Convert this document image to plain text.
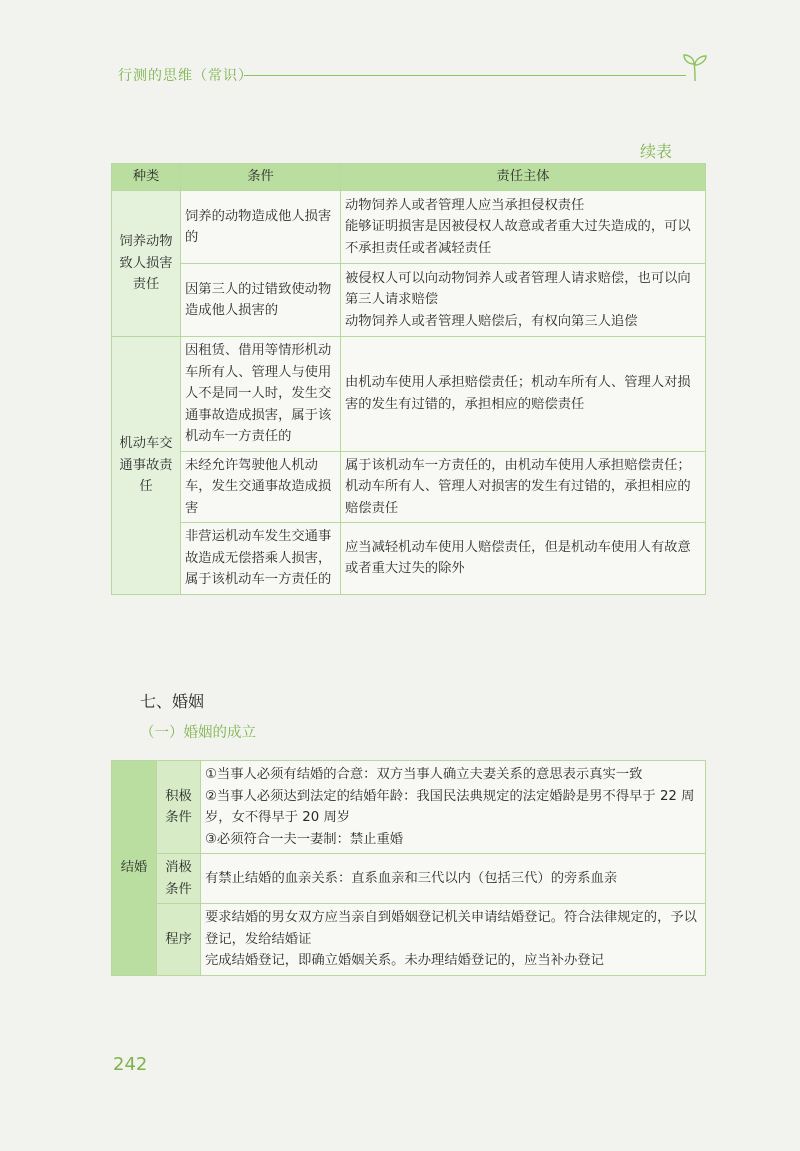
行测的思维（常识）
续表
种类	条件	责任主体
饲养动物致人损害责任	饲养的动物造成他人损害的	动物饲养人或者管理人应当承担侵权责任
能够证明损害是因被侵权人故意或者重大过失造成的，可以不承担责任或者减轻责任

	因第三人的过错致使动物造成他人损害的	被侵权人可以向动物饲养人或者管理人请求赔偿，也可以向第三人请求赔偿
动物饲养人或者管理人赔偿后，有权向第三人追偿

机动车交通事故责任	因租赁、借用等情形机动车所有人、管理人与使用人不是同一人时，发生交通事故造成损害，属于该机动车一方责任的	由机动车使用人承担赔偿责任；机动车所有人、管理人对损害的发生有过错的，承担相应的赔偿责任
	未经允许驾驶他人机动车，发生交通事故造成损害	属于该机动车一方责任的，由机动车使用人承担赔偿责任；机动车所有人、管理人对损害的发生有过错的，承担相应的赔偿责任
	非营运机动车发生交通事故造成无偿搭乘人损害，属于该机动车一方责任的	应当减轻机动车使用人赔偿责任，但是机动车使用人有故意或者重大过失的除外
七、婚姻
（一）婚姻的成立
结婚	积极条件	①当事人必须有结婚的合意：双方当事人确立夫妻关系的意思表示真实一致
②当事人必须达到法定的结婚年龄：我国民法典规定的法定婚龄是男不得早于 22 周岁，女不得早于 20 周岁
③必须符合一夫一妻制：禁止重婚

	消极条件	有禁止结婚的血亲关系：直系血亲和三代以内（包括三代）的旁系血亲
	程序	要求结婚的男女双方应当亲自到婚姻登记机关申请结婚登记。符合法律规定的，予以登记，发给结婚证
完成结婚登记，即确立婚姻关系。未办理结婚登记的，应当补办登记
242
